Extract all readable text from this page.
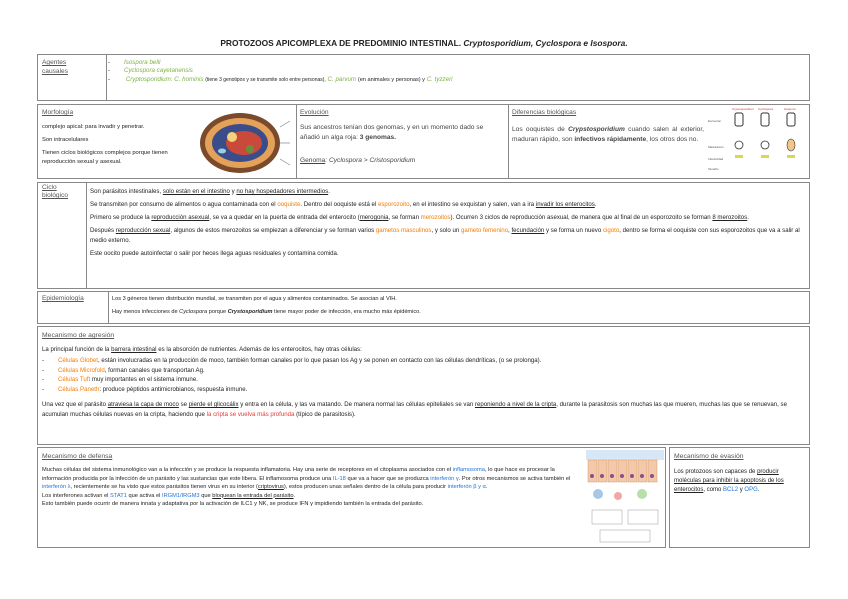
PROTOZOOS APICOMPLEXA DE PREDOMINIO INTESTINAL. Cryptosporidium, Cyclospora e Isospora.
Agentes causales
- Isospora belli
- Cyclospora cayetanensis
- Cryptosporidium: C. hominis (tiene 3 genotipos y se transmite solo entre personas), C. parvum (en animales y personas) y C. tyzzeri
Morfología
complejo apical: para invadir y penetrar.
Son intracelulares
Tienen ciclos biológicos complejos porque tienen reproducción sexual y asexual.
Evolución
Sus ancestros tenían dos genomas, y en un momento dado se añadió un alga roja: 3 genomas.
Genoma: Cyclospora > Cristosporidium
Diferencias biológicas
Los ooquistes de Crypstosporidium cuando salen al exterior, maduran rápido, son infectivos rápidamente, los otros dos no.
Cryptosporidium Cyclospora	Isospora
Excreción
Maduración
Infectividad
Tamaño
Ciclo biológico

Son parásitos intestinales, solo están en el intestino y no hay hospedadores intermedios.

Se transmiten por consumo de alimentos o agua contaminada con el ooquiste. Dentro del ooquiste está el esporozoito, en el intestino se exquistan y salen, van a ira invadir los enterocitos.

Primero se produce la reproducción asexual, se va a quedar en la puerta de entrada del enterocito (merogonia, se forman merozoitos). Ocurren 3 ciclos de reproducción asexual, de manera que al final de un esporozoito se forman 8 merozoitos.

Después reproducción sexual, algunos de estos merozoitos se empiezan a diferenciar y se forman varios gametos masculinos, y solo un gameto femenino, fecundación y se forma un nuevo cigoto, dentro se forma el ooquiste con sus esporozoitos que va a salir al medio externo.

Este oocito puede autoinfectar o salir por heces llega aguas residuales y contamina comida.

Epidemiología	Los 3 géneros tienen distribución mundial, se transmiten por el agua y alimentos contaminados. Se asocian al VIH.
Hay menos infecciones de Cyclospora porque Crystosporidium tiene mayor poder de infección, era mucho más épidémico.
Mecanismo de agresión

La principal función de la barrera intestinal es la absorción de nutrientes. Además de los enterocitos, hay otras células:

- Células Globet, están involucradas en la producción de moco, también forman canales por lo que pasan los Ag y se ponen en contacto con las células dendríticas, (o se prolonga).
- Células Microfold, forman canales que transportan Ag.
- Células Tuft muy importantes en el sistema inmune.
- Células Paneth: produce péptidos antimicrobianos, respuesta inmune.

Una vez que el parásito atraviesa la capa de moco se pierde el glicocálix y entra en la célula, y las va matando. De manera normal las células epiteliales se van reponiendo a nivel de la cripta, durante la parasitosis son muchas las que mueren, muchas las que se renuevan, se acumulan muchas células nuevas en la cripta, haciendo que la cripta se vuelva más profunda (típico de parasitosis).

Mecanismo de defensa
Muchas células del sistema inmunológico van a la infección y se produce la respuesta inflamatoria. Hay una serie de receptores en el citoplasma asociados con el inflamosoma, lo que hace es procesar la información producida por la infección de un parásito y las sustancias que este libera. El inflamosoma produce una IL-18 que va a hacer que se produzca interferón γ. Por otros mecanismos se activa también el interferón λ, recientemente se ha visto que estos parásitos tienen virus en su interior (criptovirus), estos producen unas señales dentro de la célula para producir interferón β y α.
Los interferones activan el STAT1 que activa el IRGM1/IRGM3 que bloquean la entrada del parásito.
Esto también puede ocurrir de manera innata y adaptativa por la activación de ILC1 y NK, se produce IFN γ impidiendo también la entrada del parásito.
Mecanismo de evasión
Los protozoos son capaces de producir moléculas para inhibir la apoptosis de los enterocitos, como BCL2 y OPG.
